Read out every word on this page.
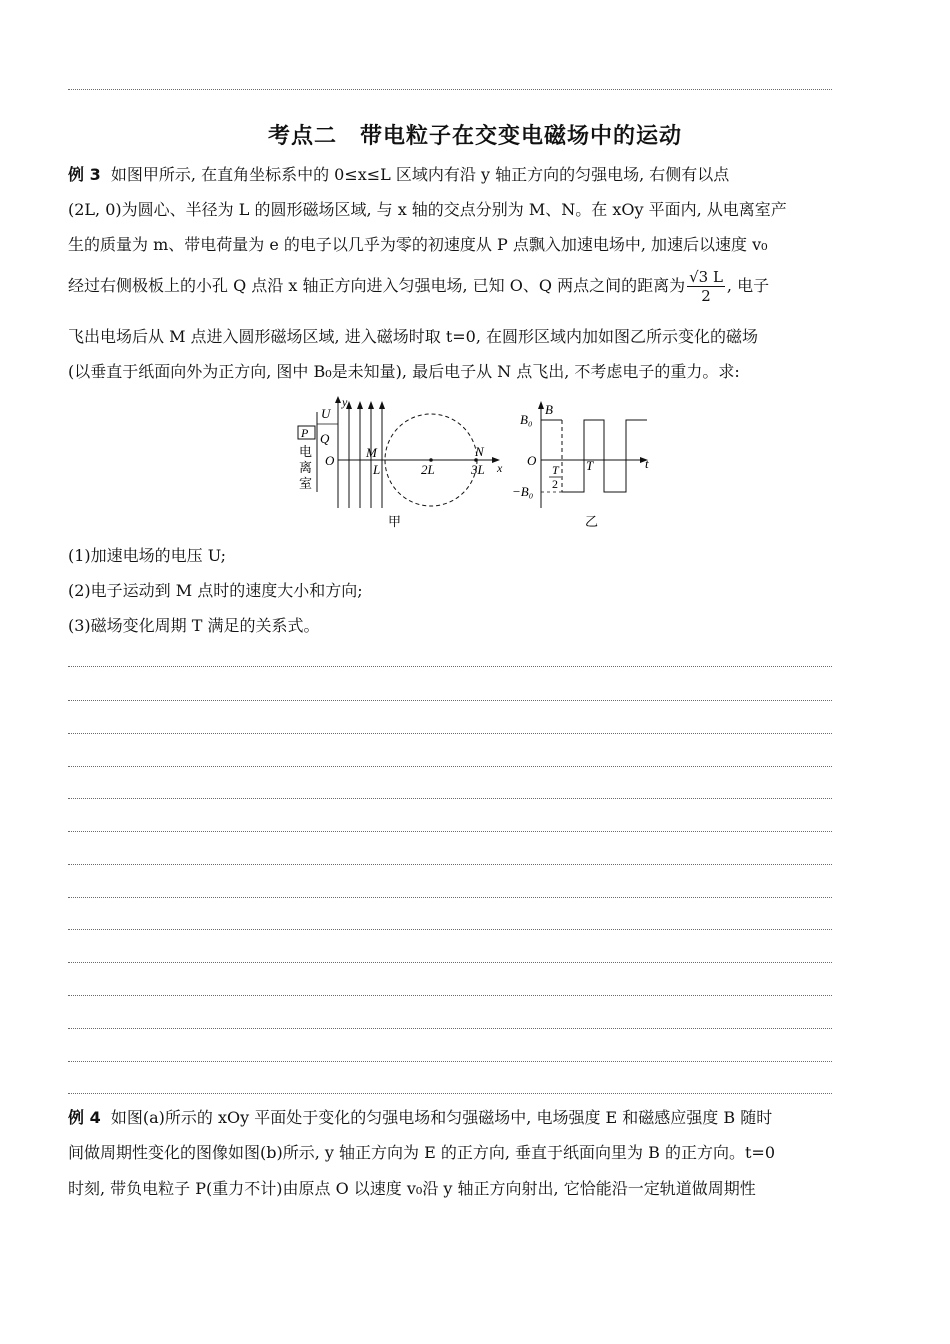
考点二　带电粒子在交变电磁场中的运动
例 3 如图甲所示, 在直角坐标系中的 0≤x≤L 区域内有沿 y 轴正方向的匀强电场, 右侧有以点
(2L, 0)为圆心、半径为 L 的圆形磁场区域, 与 x 轴的交点分别为 M、N。在 xOy 平面内, 从电离室产
生的质量为 m、带电荷量为 e 的电子以几乎为零的初速度从 P 点飘入加速电场中, 加速后以速度 v₀
经过右侧极板上的小孔 Q 点沿 x 轴正方向进入匀强电场, 已知 O、Q 两点之间的距离为 $\frac{√3 L}{2}$ , 电子
飞出电场后从 M 点进入圆形磁场区域, 进入磁场时取 t=0, 在圆形区域内加如图乙所示变化的磁场
(以垂直于纸面向外为正方向, 图中 B₀是未知量), 最后电子从 N 点飞出, 不考虑电子的重力。求:
P
电
离
室
U
Q
y
x
O
M
L	2L
N
3L
甲
B
t
O
B₀
−B₀
T
2
T
乙
(1)加速电场的电压 U;
(2)电子运动到 M 点时的速度大小和方向;
(3)磁场变化周期 T 满足的关系式。
例 4 如图(a)所示的 xOy 平面处于变化的匀强电场和匀强磁场中, 电场强度 E 和磁感应强度 B 随时
间做周期性变化的图像如图(b)所示, y 轴正方向为 E 的正方向, 垂直于纸面向里为 B 的正方向。t=0
时刻, 带负电粒子 P(重力不计)由原点 O 以速度 v₀沿 y 轴正方向射出, 它恰能沿一定轨道做周期性
